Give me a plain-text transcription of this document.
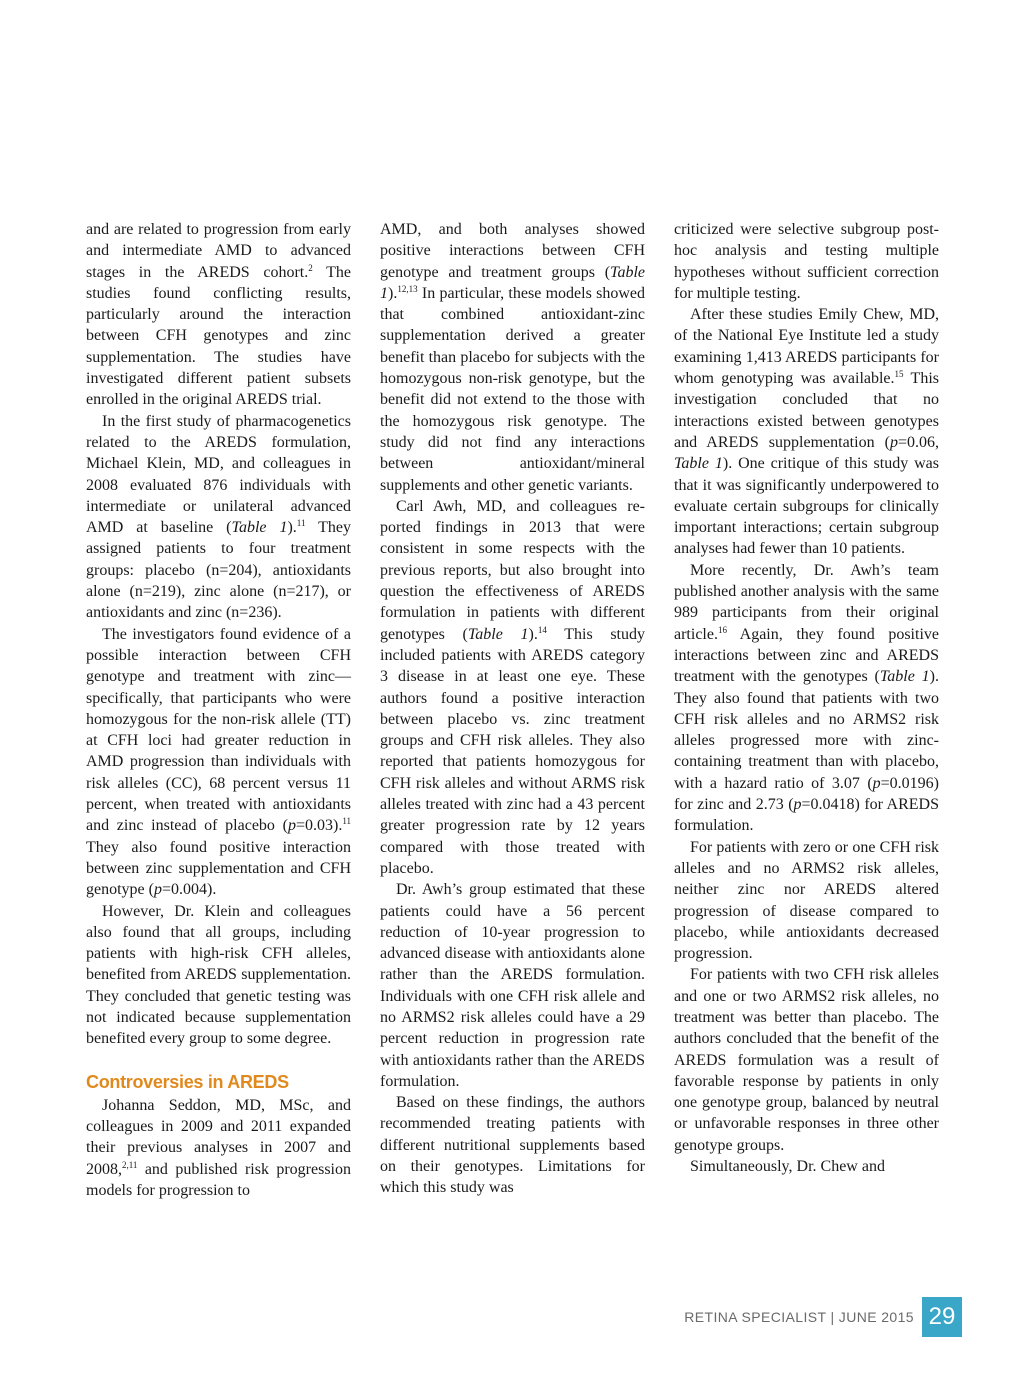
and are related to progression from early and intermediate AMD to advanced stages in the AREDS cohort.$^2$ The studies found conflicting results, particularly around the interaction between CFH genotypes and zinc supplementation. The studies have investigated different patient subsets enrolled in the original AREDS trial.

In the first study of pharmacogenetics related to the AREDS formulation, Michael Klein, MD, and colleagues in 2008 evaluated 876 individuals with intermediate or unilateral advanced AMD at baseline (Table 1).$^{11}$ They assigned patients to four treatment groups: placebo (n=204), antioxidants alone (n=219), zinc alone (n=217), or antioxidants and zinc (n=236).

The investigators found evidence of a possible interaction between CFH genotype and treatment with zinc—specifically, that participants who were homozygous for the non-risk allele (TT) at CFH loci had greater reduction in AMD progression than individuals with risk alleles (CC), 68 percent versus 11 percent, when treated with antioxidants and zinc instead of placebo (p=0.03).$^{11}$ They also found positive interaction between zinc supplementation and CFH genotype (p=0.004).

However, Dr. Klein and colleagues also found that all groups, including patients with high-risk CFH alleles, benefited from AREDS supplementation. They concluded that genetic testing was not indicated because supplementation benefited every group to some degree.

Controversies in AREDS

Johanna Seddon, MD, MSc, and colleagues in 2009 and 2011 expanded their previous analyses in 2007 and 2008,$^{2,11}$ and published risk progression models for progression to

AMD, and both analyses showed positive interactions between CFH genotype and treatment groups (Table 1).$^{12,13}$ In particular, these models showed that combined antioxidant-zinc supplementation derived a greater benefit than placebo for subjects with the homozygous non-risk genotype, but the benefit did not extend to the those with the homozygous risk genotype. The study did not find any interactions between antioxidant/mineral supplements and other genetic variants.

Carl Awh, MD, and colleagues reported findings in 2013 that were consistent in some respects with the previous reports, but also brought into question the effectiveness of AREDS formulation in patients with different genotypes (Table 1).$^{14}$ This study included patients with AREDS category 3 disease in at least one eye. These authors found a positive interaction between placebo vs. zinc treatment groups and CFH risk alleles. They also reported that patients homozygous for CFH risk alleles and without ARMS risk alleles treated with zinc had a 43 percent greater progression rate by 12 years compared with those treated with placebo.

Dr. Awh’s group estimated that these patients could have a 56 percent reduction of 10-year progression to advanced disease with antioxidants alone rather than the AREDS formulation. Individuals with one CFH risk allele and no ARMS2 risk alleles could have a 29 percent reduction in progression rate with antioxidants rather than the AREDS formulation.

Based on these findings, the authors recommended treating patients with different nutritional supplements based on their genotypes. Limitations for which this study was

criticized were selective subgroup post-hoc analysis and testing multiple hypotheses without sufficient correction for multiple testing.

After these studies Emily Chew, MD, of the National Eye Institute led a study examining 1,413 AREDS participants for whom genotyping was available.$^{15}$ This investigation concluded that no interactions existed between genotypes and AREDS supplementation (p=0.06, Table 1). One critique of this study was that it was significantly underpowered to evaluate certain subgroups for clinically important interactions; certain subgroup analyses had fewer than 10 patients.

More recently, Dr. Awh’s team published another analysis with the same 989 participants from their original article.$^{16}$ Again, they found positive interactions between zinc and AREDS treatment with the genotypes (Table 1). They also found that patients with two CFH risk alleles and no ARMS2 risk alleles progressed more with zinc-containing treatment than with placebo, with a hazard ratio of 3.07 (p=0.0196) for zinc and 2.73 (p=0.0418) for AREDS formulation.

For patients with zero or one CFH risk alleles and no ARMS2 risk alleles, neither zinc nor AREDS altered progression of disease compared to placebo, while antioxidants decreased progression.

For patients with two CFH risk alleles and one or two ARMS2 risk alleles, no treatment was better than placebo. The authors concluded that the benefit of the AREDS formulation was a result of favorable response by patients in only one genotype group, balanced by neutral or unfavorable responses in three other genotype groups.

Simultaneously, Dr. Chew and

RETINA SPECIALIST | JUNE 2015 29
